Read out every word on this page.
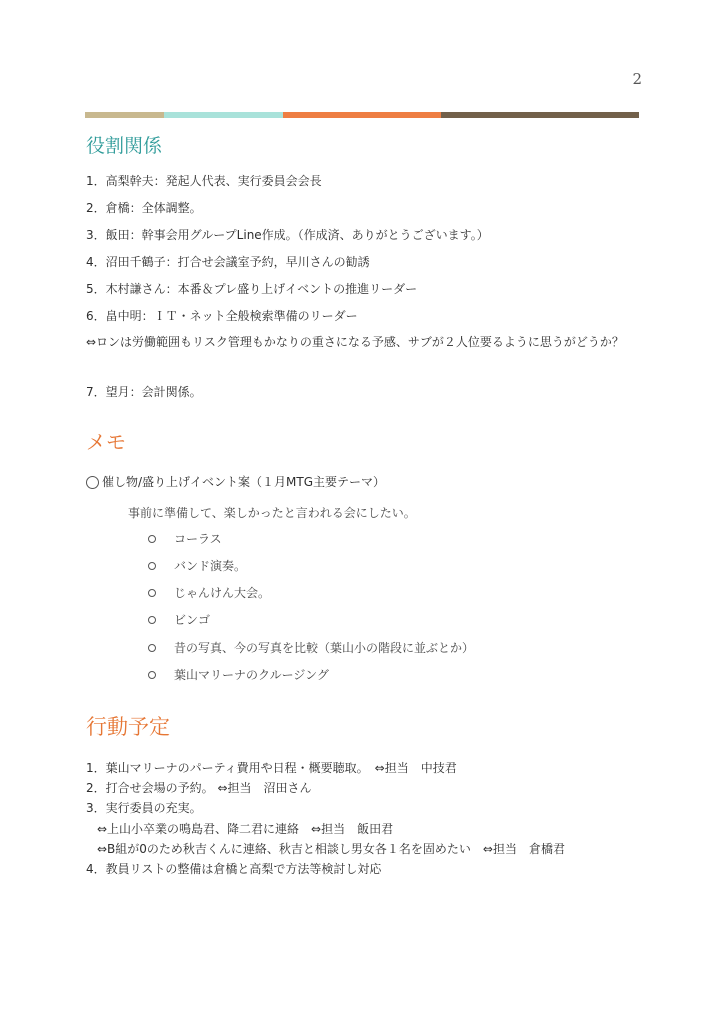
2
役割関係
1．高梨幹夫：発起人代表、実行委員会会長
2．倉橋：全体調整。
3．飯田：幹事会用グループLine作成。（作成済、ありがとうございます。）
4．沼田千鶴子：打合せ会議室予約，早川さんの勧誘
5．木村謙さん：本番＆プレ盛り上げイベントの推進リーダー
6．畠中明：ＩＴ・ネット全般検索準備のリーダー
⇔ロンは労働範囲もリスク管理もかなりの重さになる予感、サブが２人位要るように思うがどうか？
7．望月：会計関係。
メモ
催し物/盛り上げイベント案（１月MTG主要テーマ）
事前に準備して、楽しかったと言われる会にしたい。
コーラス
バンド演奏。
じゃんけん大会。
ビンゴ
昔の写真、今の写真を比較（葉山小の階段に並ぶとか）
葉山マリーナのクルージング
行動予定
1．葉山マリーナのパーティ費用や日程・概要聴取。　⇔担当　中技君
2．打合せ会場の予約。 ⇔担当　沼田さん
3．実行委員の充実。
⇔上山小卒業の鳴島君、降二君に連絡　⇔担当　飯田君
⇔B組が0のため秋吉くんに連絡、秋吉と相談し男女各１名を固めたい　⇔担当　倉橋君
4．教員リストの整備は倉橋と高梨で方法等検討し対応
